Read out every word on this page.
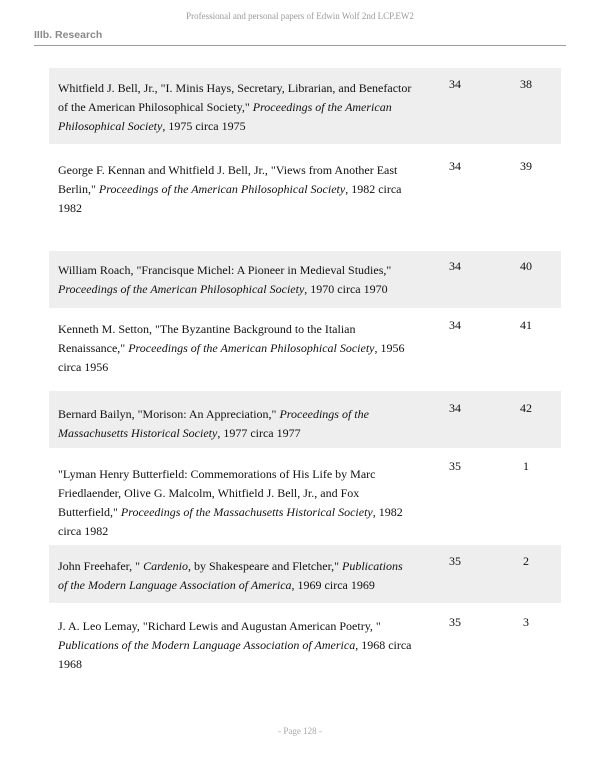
Professional and personal papers of Edwin Wolf 2nd LCP.EW2
IIIb. Research
Whitfield J. Bell, Jr., "I. Minis Hays, Secretary, Librarian, and Benefactor of the American Philosophical Society," Proceedings of the American Philosophical Society, 1975 circa 1975
34	38
George F. Kennan and Whitfield J. Bell, Jr., "Views from Another East Berlin," Proceedings of the American Philosophical Society, 1982 circa 1982
34	39
William Roach, "Francisque Michel: A Pioneer in Medieval Studies," Proceedings of the American Philosophical Society, 1970 circa 1970
34	40
Kenneth M. Setton, "The Byzantine Background to the Italian Renaissance," Proceedings of the American Philosophical Society, 1956 circa 1956
34	41
Bernard Bailyn, "Morison: An Appreciation," Proceedings of the Massachusetts Historical Society, 1977 circa 1977
34	42
"Lyman Henry Butterfield: Commemorations of His Life by Marc Friedlaender, Olive G. Malcolm, Whitfield J. Bell, Jr., and Fox Butterfield," Proceedings of the Massachusetts Historical Society, 1982 circa 1982
35	1
John Freehafer, " Cardenio, by Shakespeare and Fletcher," Publications of the Modern Language Association of America, 1969 circa 1969
35	2
J. A. Leo Lemay, "Richard Lewis and Augustan American Poetry, " Publications of the Modern Language Association of America, 1968 circa 1968
35	3
- Page 128 -
